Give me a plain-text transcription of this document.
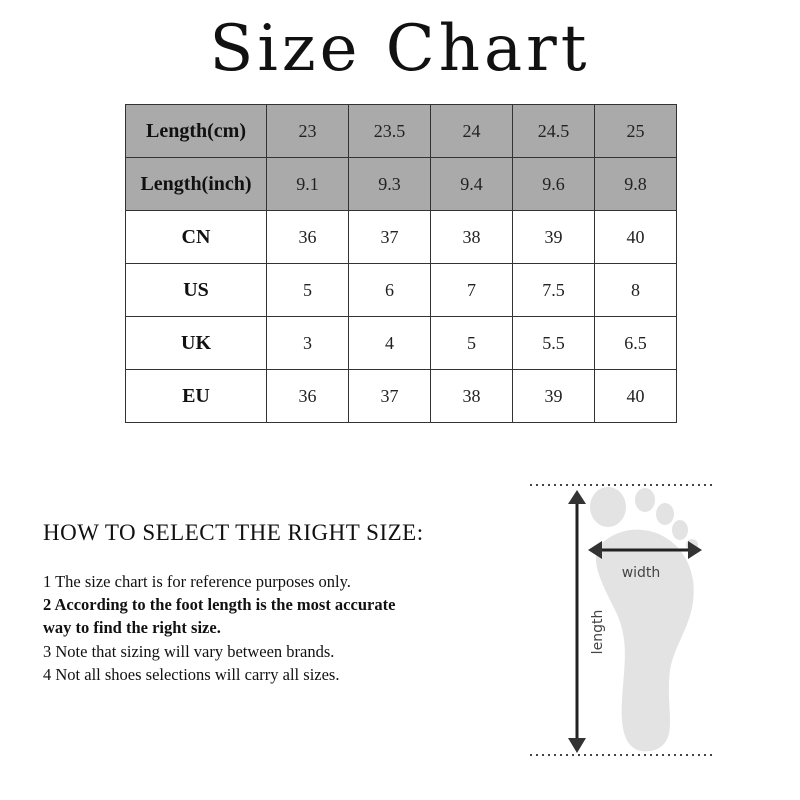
Size Chart
Length(cm)	23	23.5	24	24.5	25
Length(inch)	9.1	9.3	9.4	9.6	9.8
CN	36	37	38	39	40
US	5	6	7	7.5	8
UK	3	4	5	5.5	6.5
EU	36	37	38	39	40
HOW TO SELECT THE RIGHT SIZE:
1 The size chart is for reference purposes only.
2 According to the foot length is the most accurate way to find the right size.
3 Note that sizing will vary between brands.
4 Not all shoes selections will carry all sizes.
width
length
